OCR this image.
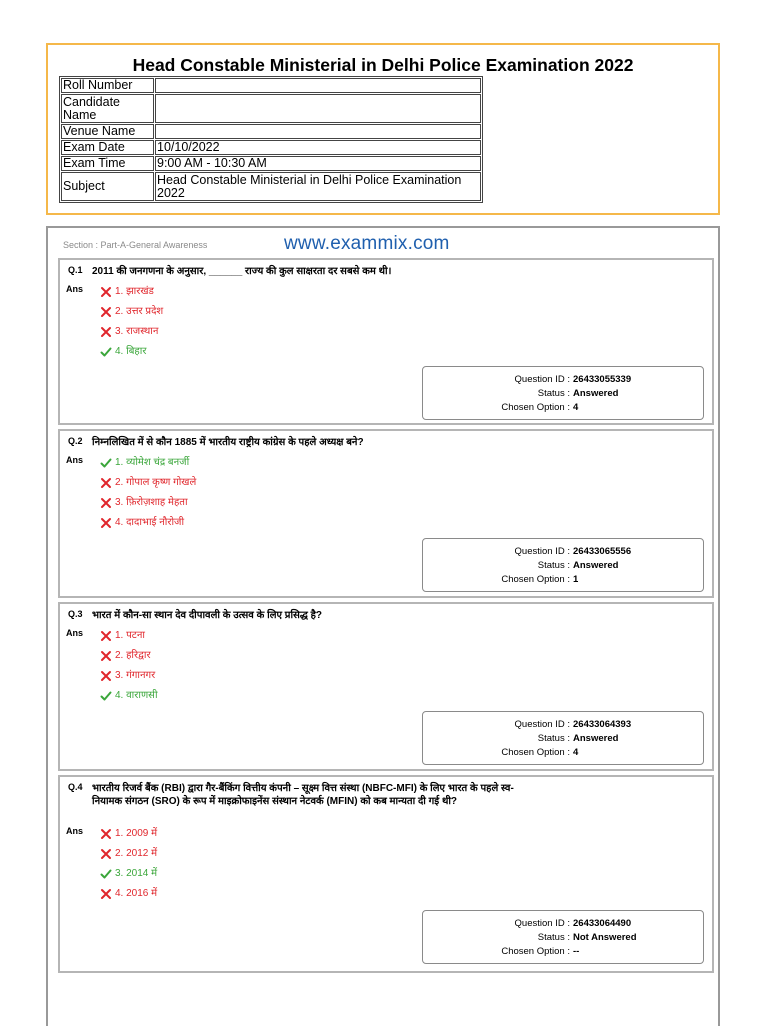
Head Constable Ministerial in Delhi Police Examination 2022
Roll Number	
Candidate Name	
Venue Name	
Exam Date	10/10/2022
Exam Time	9:00 AM - 10:30 AM
Subject	Head Constable Ministerial in Delhi Police Examination 2022
Section : Part-A-General Awareness	www.exammix.com
Q.1 2011 की जनगणना के अनुसार, ______ राज्य की कुल साक्षरता दर सबसे कम थी।
Ans	1. झारखंड
2. उत्तर प्रदेश
3. राजस्थान
4. बिहार
Question ID : 26433055339
Status : Answered
Chosen Option : 4
Q.2 निम्नलिखित में से कौन 1885 में भारतीय राष्ट्रीय कांग्रेस के पहले अध्यक्ष बने?
Ans	1. व्योमेश चंद्र बनर्जी
2. गोपाल कृष्ण गोखले
3. फ़िरोज़शाह मेहता
4. दादाभाई नौरोजी
Question ID : 26433065556
Status : Answered
Chosen Option : 1
Q.3 भारत में कौन-सा स्थान देव दीपावली के उत्सव के लिए प्रसिद्ध है?
Ans	1. पटना
2. हरिद्वार
3. गंगानगर
4. वाराणसी
Question ID : 26433064393
Status : Answered
Chosen Option : 4
Q.4 भारतीय रिजर्व बैंक (RBI) द्वारा गैर-बैंकिंग वित्तीय कंपनी – सूक्ष्म वित्त संस्था (NBFC-MFI) के लिए भारत के पहले स्व-नियामक संगठन (SRO) के रूप में माइक्रोफाइनेंस संस्थान नेटवर्क (MFIN) को कब मान्यता दी गई थी?
Ans	1. 2009 में
2. 2012 में
3. 2014 में
4. 2016 में
Question ID : 26433064490
Status : Not Answered
Chosen Option : --
